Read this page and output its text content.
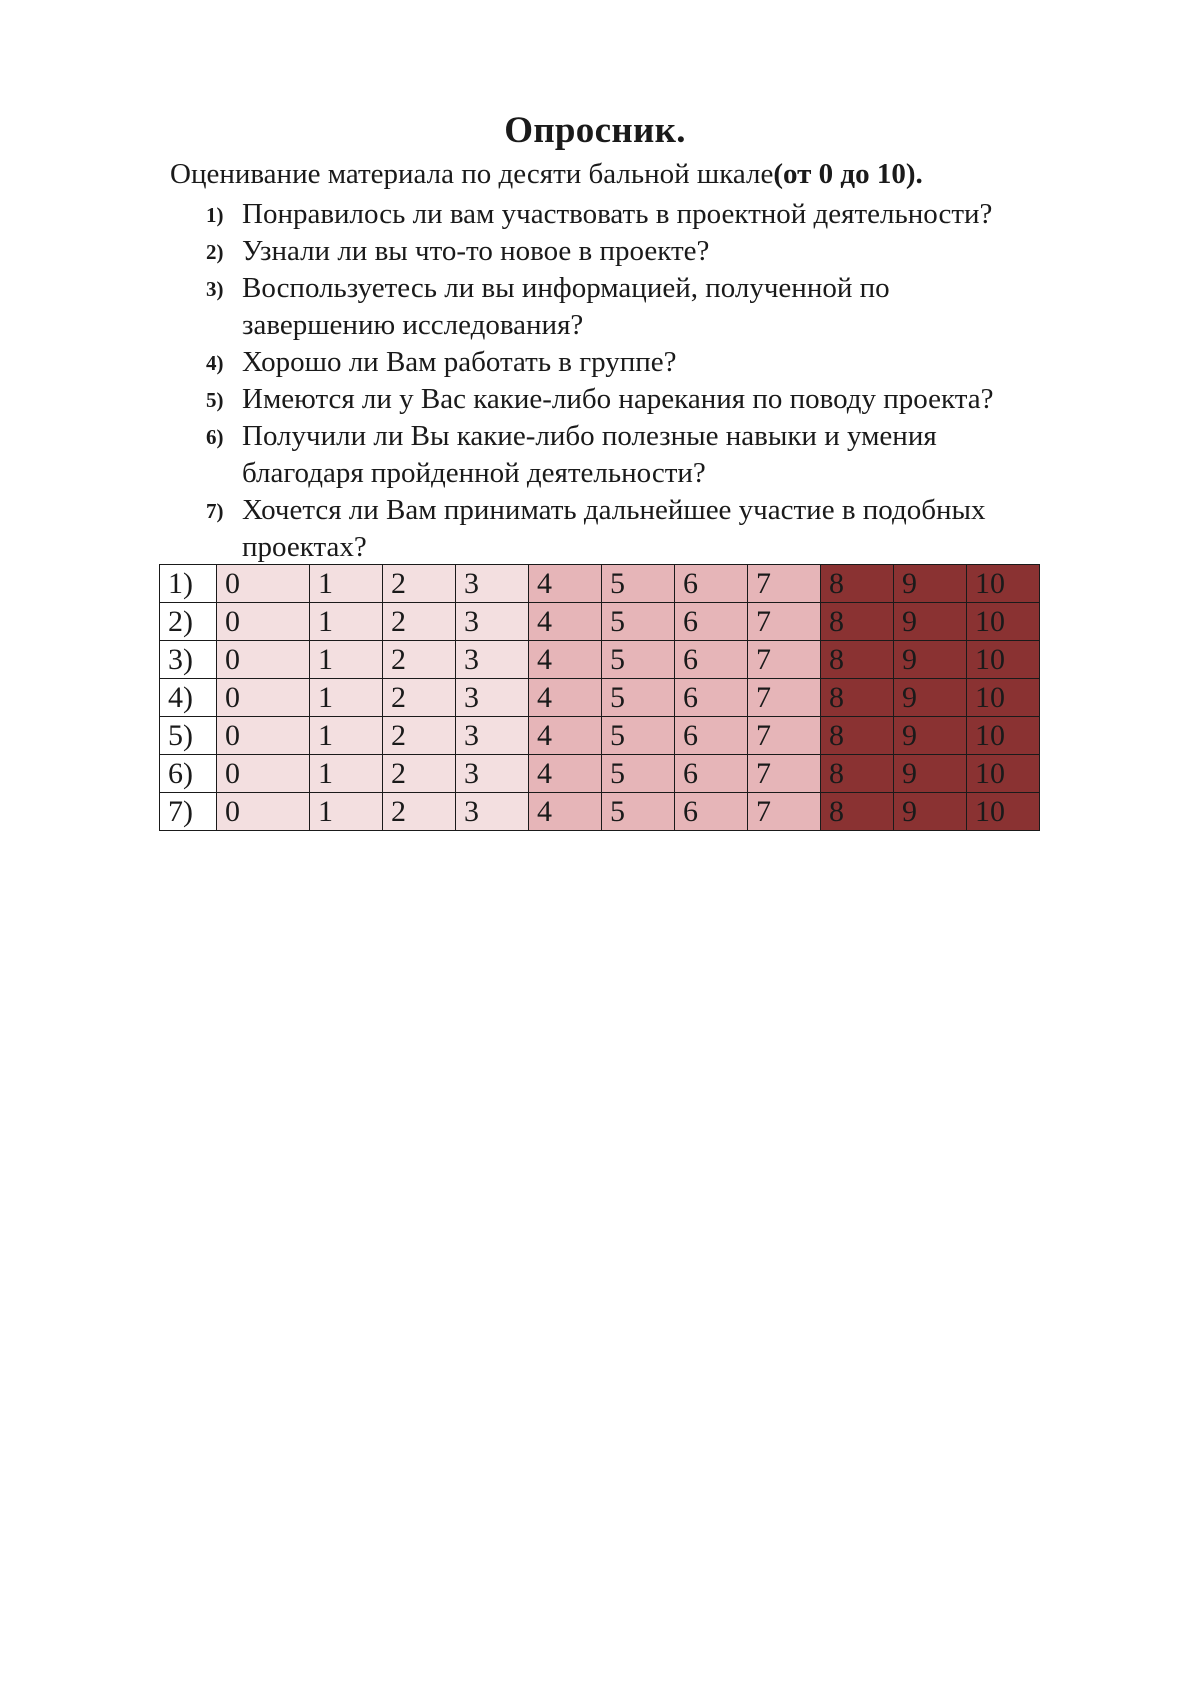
Опросник.
Оценивание материала по десяти бальной шкале(от 0 до 10).
1) Понравилось ли вам участвовать в проектной деятельности?
2) Узнали ли вы что-то новое в проекте?
3) Воспользуетесь ли вы информацией, полученной по завершению исследования?
4) Хорошо ли Вам работать в группе?
5) Имеются ли у Вас какие-либо нарекания по поводу проекта?
6) Получили ли Вы какие-либо полезные навыки и умения благодаря пройденной деятельности?
7) Хочется ли Вам принимать дальнейшее участие в подобных проектах?
1)	0	1	2	3	4	5	6	7	8	9	10
2)	0	1	2	3	4	5	6	7	8	9	10
3)	0	1	2	3	4	5	6	7	8	9	10
4)	0	1	2	3	4	5	6	7	8	9	10
5)	0	1	2	3	4	5	6	7	8	9	10
6)	0	1	2	3	4	5	6	7	8	9	10
7)	0	1	2	3	4	5	6	7	8	9	10
